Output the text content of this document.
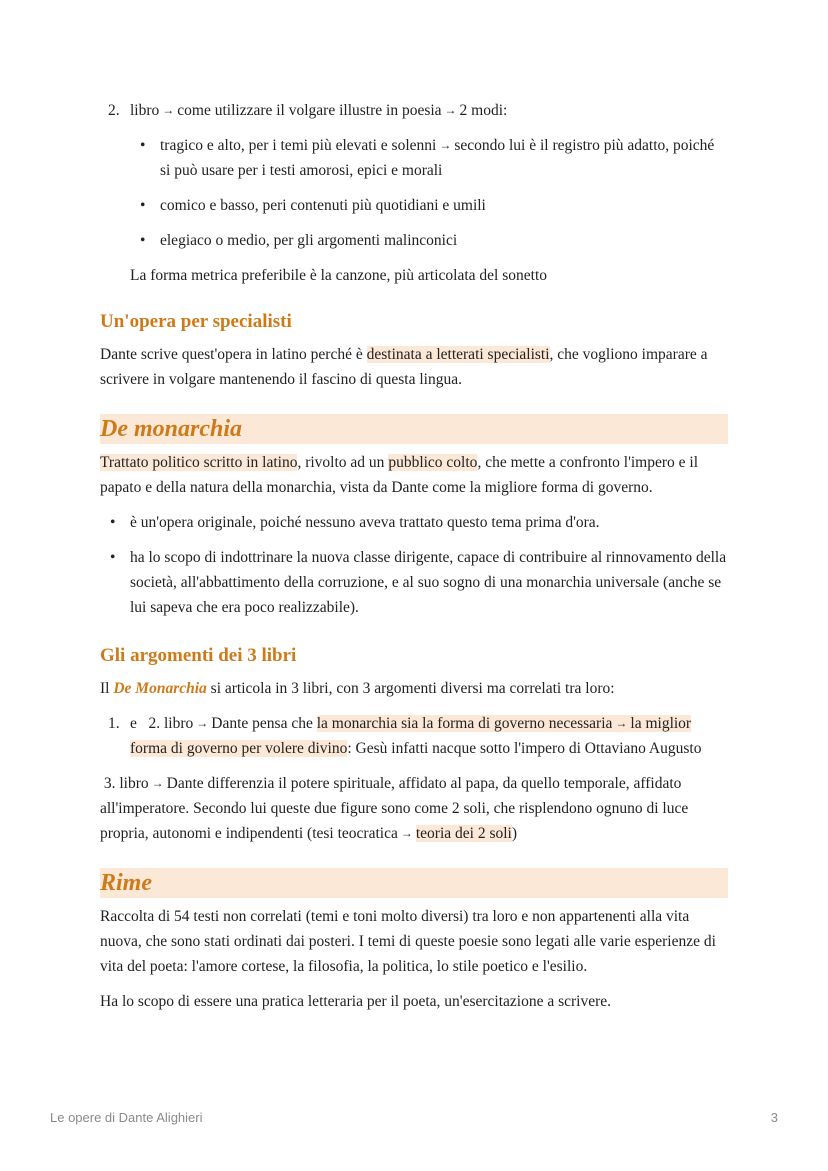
2. libro → come utilizzare il volgare illustre in poesia → 2 modi:
• tragico e alto, per i temi più elevati e solenni → secondo lui è il registro più adatto, poiché si può usare per i testi amorosi, epici e morali
• comico e basso, peri contenuti più quotidiani e umili
• elegiaco o medio, per gli argomenti malinconici

La forma metrica preferibile è la canzone, più articolata del sonetto

Un'opera per specialisti

Dante scrive quest'opera in latino perché è destinata a letterati specialisti, che vogliono imparare a scrivere in volgare mantenendo il fascino di questa lingua.

De monarchia

Trattato politico scritto in latino, rivolto ad un pubblico colto, che mette a confronto l'impero e il papato e della natura della monarchia, vista da Dante come la migliore forma di governo.

• è un'opera originale, poiché nessuno aveva trattato questo tema prima d'ora.
• ha lo scopo di indottrinare la nuova classe dirigente, capace di contribuire al rinnovamento della società, all'abbattimento della corruzione, e al suo sogno di una monarchia universale (anche se lui sapeva che era poco realizzabile).
Gli argomenti dei 3 libri

Il De Monarchia si articola in 3 libri, con 3 argomenti diversi ma correlati tra loro:

1. e   2. libro → Dante pensa che la monarchia sia la forma di governo necessaria → la miglior forma di governo per volere divino: Gesù infatti nacque sotto l'impero di Ottaviano Augusto

3. libro → Dante differenzia il potere spirituale, affidato al papa, da quello temporale, affidato all'imperatore. Secondo lui queste due figure sono come 2 soli, che risplendono ognuno di luce propria, autonomi e indipendenti (tesi teocratica → teoria dei 2 soli)

Rime

Raccolta di 54 testi non correlati (temi e toni molto diversi) tra loro e non appartenenti alla vita nuova, che sono stati ordinati dai posteri. I temi di queste poesie sono legati alle varie esperienze di vita del poeta: l'amore cortese, la filosofia, la politica, lo stile poetico e l'esilio.

Ha lo scopo di essere una pratica letteraria per il poeta, un'esercitazione a scrivere.

Le opere di Dante Alighieri	3
